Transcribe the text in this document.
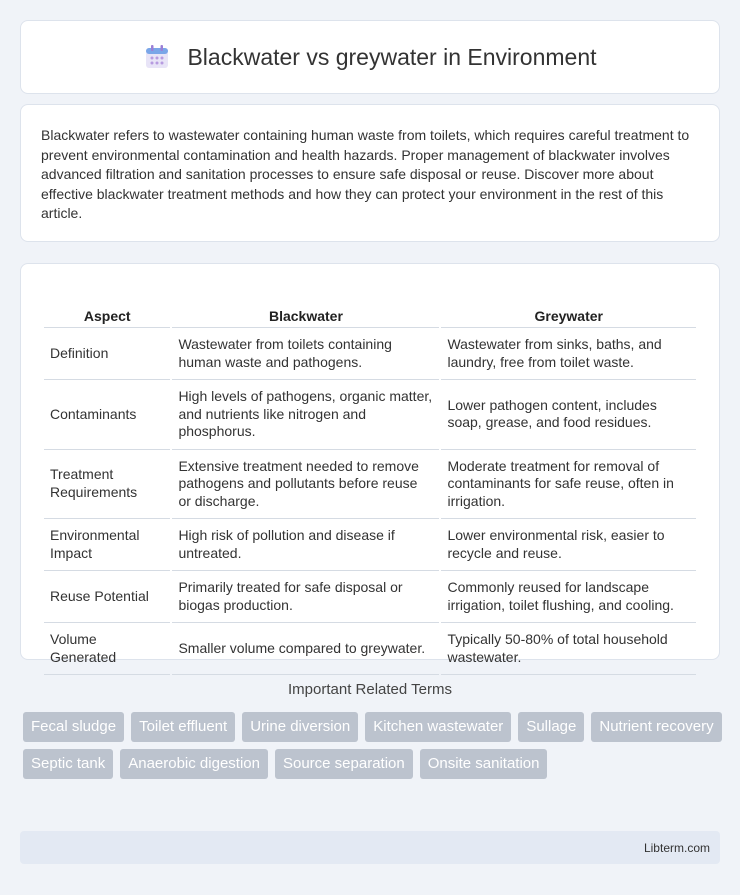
Blackwater vs greywater in Environment

Blackwater refers to wastewater containing human waste from toilets, which requires careful treatment to prevent environmental contamination and health hazards. Proper management of blackwater involves advanced filtration and sanitation processes to ensure safe disposal or reuse. Discover more about effective blackwater treatment methods and how they can protect your environment in the rest of this article.

Aspect	Blackwater	Greywater
Definition	Wastewater from toilets containing human waste and pathogens.	Wastewater from sinks, baths, and laundry, free from toilet waste.
Contaminants	High levels of pathogens, organic matter, and nutrients like nitrogen and phosphorus.	Lower pathogen content, includes soap, grease, and food residues.
Treatment Requirements	Extensive treatment needed to remove pathogens and pollutants before reuse or discharge.	Moderate treatment for removal of contaminants for safe reuse, often in irrigation.
Environmental Impact	High risk of pollution and disease if untreated.	Lower environmental risk, easier to recycle and reuse.
Reuse Potential	Primarily treated for safe disposal or biogas production.	Commonly reused for landscape irrigation, toilet flushing, and cooling.
Volume Generated	Smaller volume compared to greywater.	Typically 50-80% of total household wastewater.
Important Related Terms
Fecal sludge	Toilet effluent	Urine diversion	Kitchen wastewater	Sullage	Nutrient recovery
Septic tank	Anaerobic digestion	Source separation	Onsite sanitation
Libterm.com
